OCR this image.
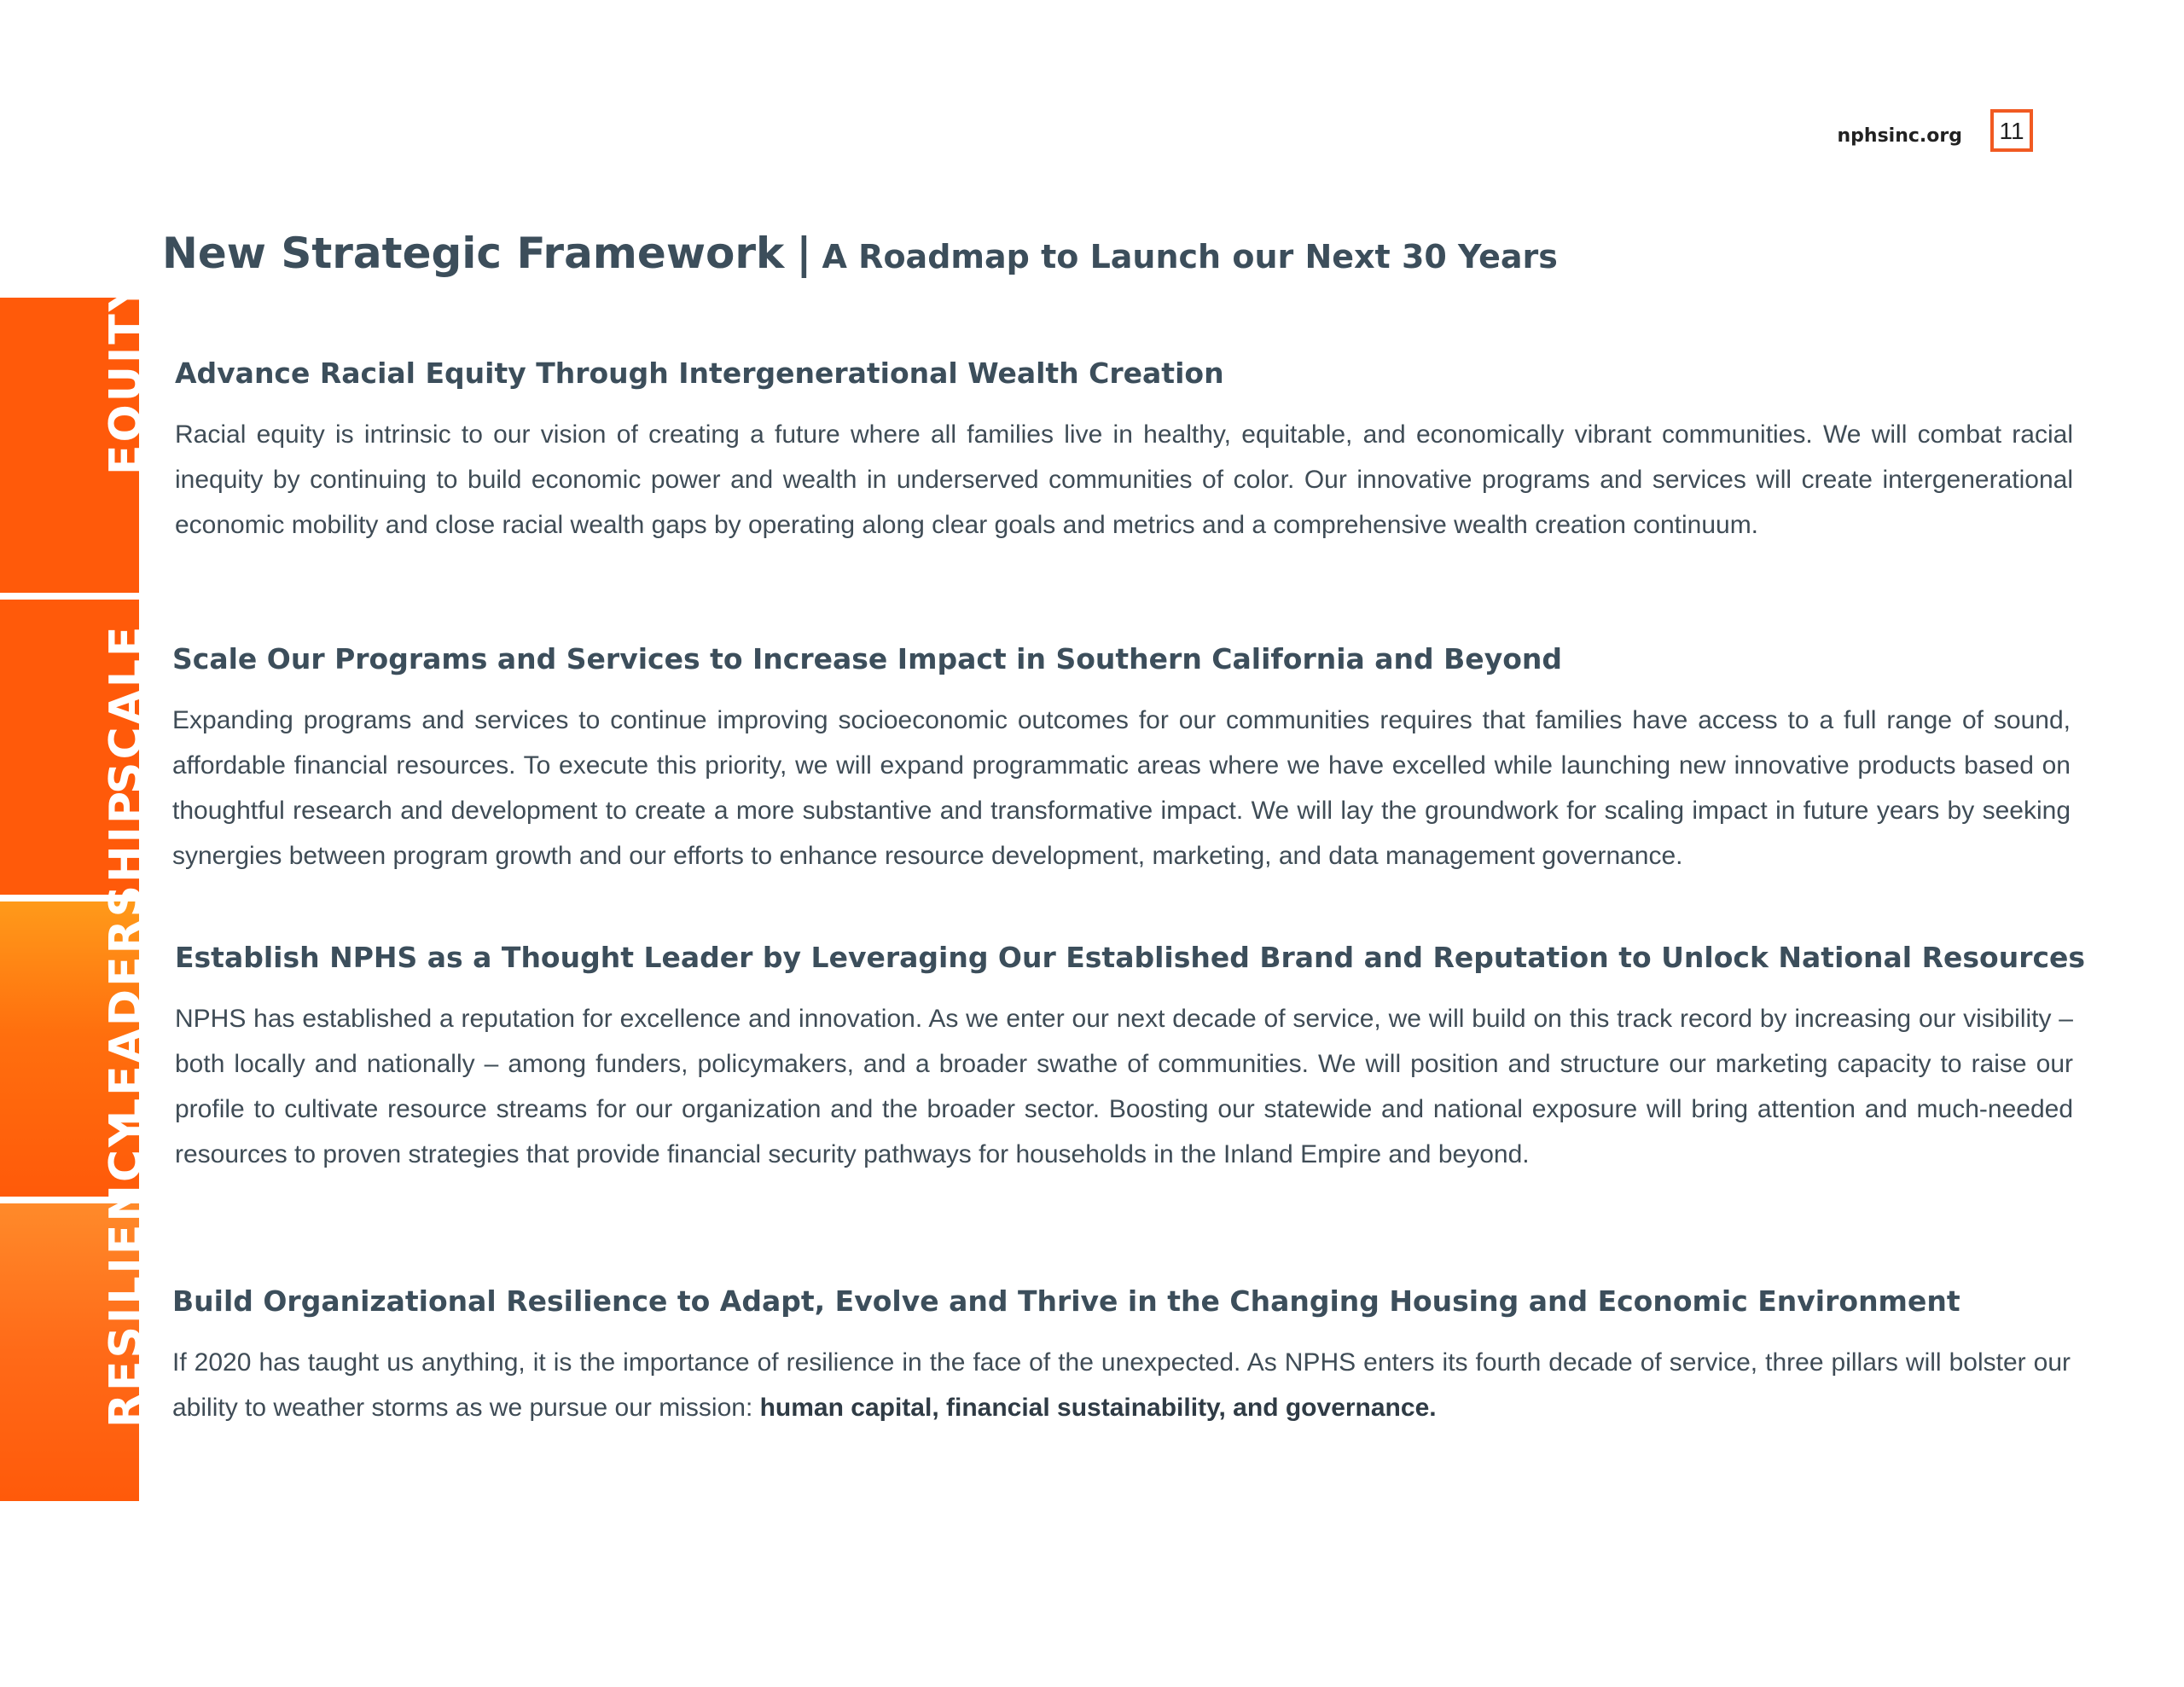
nphsinc.org	11
New Strategic Framework | A Roadmap to Launch our Next 30 Years
EQUITY
SCALE
LEADERSHIP
RESILIENCY
Advance Racial Equity Through Intergenerational Wealth Creation

Racial equity is intrinsic to our vision of creating a future where all families live in healthy, equitable, and economically vibrant communities. We will combat racial inequity by continuing to build economic power and wealth in underserved communities of color. Our innovative programs and services will create intergenerational economic mobility and close racial wealth gaps by operating along clear goals and metrics and a comprehensive wealth creation continuum.

Scale Our Programs and Services to Increase Impact in Southern California and Beyond

Expanding programs and services to continue improving socioeconomic outcomes for our communities requires that families have access to a full range of sound, affordable financial resources. To execute this priority, we will expand programmatic areas where we have excelled while launching new innovative products based on thoughtful research and development to create a more substantive and transformative impact. We will lay the groundwork for scaling impact in future years by seeking synergies between program growth and our efforts to enhance resource development, marketing, and data management governance.

Establish NPHS as a Thought Leader by Leveraging Our Established Brand and Reputation to Unlock National Resources

NPHS has established a reputation for excellence and innovation. As we enter our next decade of service, we will build on this track record by increasing our visibility – both locally and nationally – among funders, policymakers, and a broader swathe of communities. We will position and structure our marketing capacity to raise our profile to cultivate resource streams for our organization and the broader sector. Boosting our statewide and national exposure will bring attention and much-needed resources to proven strategies that provide financial security pathways for households in the Inland Empire and beyond.

Build Organizational Resilience to Adapt, Evolve and Thrive in the Changing Housing and Economic Environment

If 2020 has taught us anything, it is the importance of resilience in the face of the unexpected. As NPHS enters its fourth decade of service, three pillars will bolster our ability to weather storms as we pursue our mission: human capital, financial sustainability, and governance.
